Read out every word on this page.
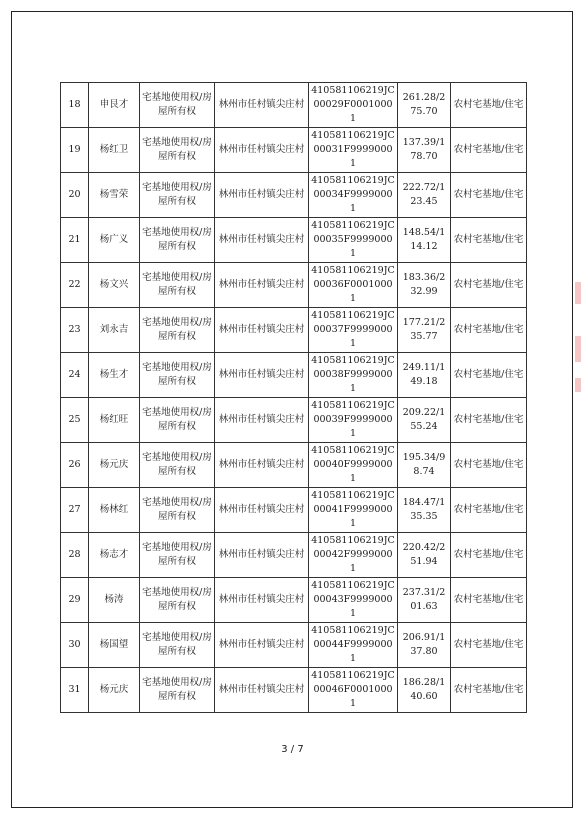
18	申艮才	宅基地使用权/房屋所有权	林州市任村镇尖庄村	410581106219JC00029F00010001	261.28/275.70	农村宅基地/住宅
19	杨红卫	宅基地使用权/房屋所有权	林州市任村镇尖庄村	410581106219JC00031F99990001	137.39/178.70	农村宅基地/住宅
20	杨雪荣	宅基地使用权/房屋所有权	林州市任村镇尖庄村	410581106219JC00034F99990001	222.72/123.45	农村宅基地/住宅
21	杨广义	宅基地使用权/房屋所有权	林州市任村镇尖庄村	410581106219JC00035F99990001	148.54/114.12	农村宅基地/住宅
22	杨文兴	宅基地使用权/房屋所有权	林州市任村镇尖庄村	410581106219JC00036F00010001	183.36/232.99	农村宅基地/住宅
23	刘永吉	宅基地使用权/房屋所有权	林州市任村镇尖庄村	410581106219JC00037F99990001	177.21/235.77	农村宅基地/住宅
24	杨生才	宅基地使用权/房屋所有权	林州市任村镇尖庄村	410581106219JC00038F99990001	249.11/149.18	农村宅基地/住宅
25	杨红旺	宅基地使用权/房屋所有权	林州市任村镇尖庄村	410581106219JC00039F99990001	209.22/155.24	农村宅基地/住宅
26	杨元庆	宅基地使用权/房屋所有权	林州市任村镇尖庄村	410581106219JC00040F99990001	195.34/98.74	农村宅基地/住宅
27	杨林红	宅基地使用权/房屋所有权	林州市任村镇尖庄村	410581106219JC00041F99990001	184.47/135.35	农村宅基地/住宅
28	杨志才	宅基地使用权/房屋所有权	林州市任村镇尖庄村	410581106219JC00042F99990001	220.42/251.94	农村宅基地/住宅
29	杨涛	宅基地使用权/房屋所有权	林州市任村镇尖庄村	410581106219JC00043F99990001	237.31/201.63	农村宅基地/住宅
30	杨国望	宅基地使用权/房屋所有权	林州市任村镇尖庄村	410581106219JC00044F99990001	206.91/137.80	农村宅基地/住宅
31	杨元庆	宅基地使用权/房屋所有权	林州市任村镇尖庄村	410581106219JC00046F00010001	186.28/140.60	农村宅基地/住宅
3 / 7
